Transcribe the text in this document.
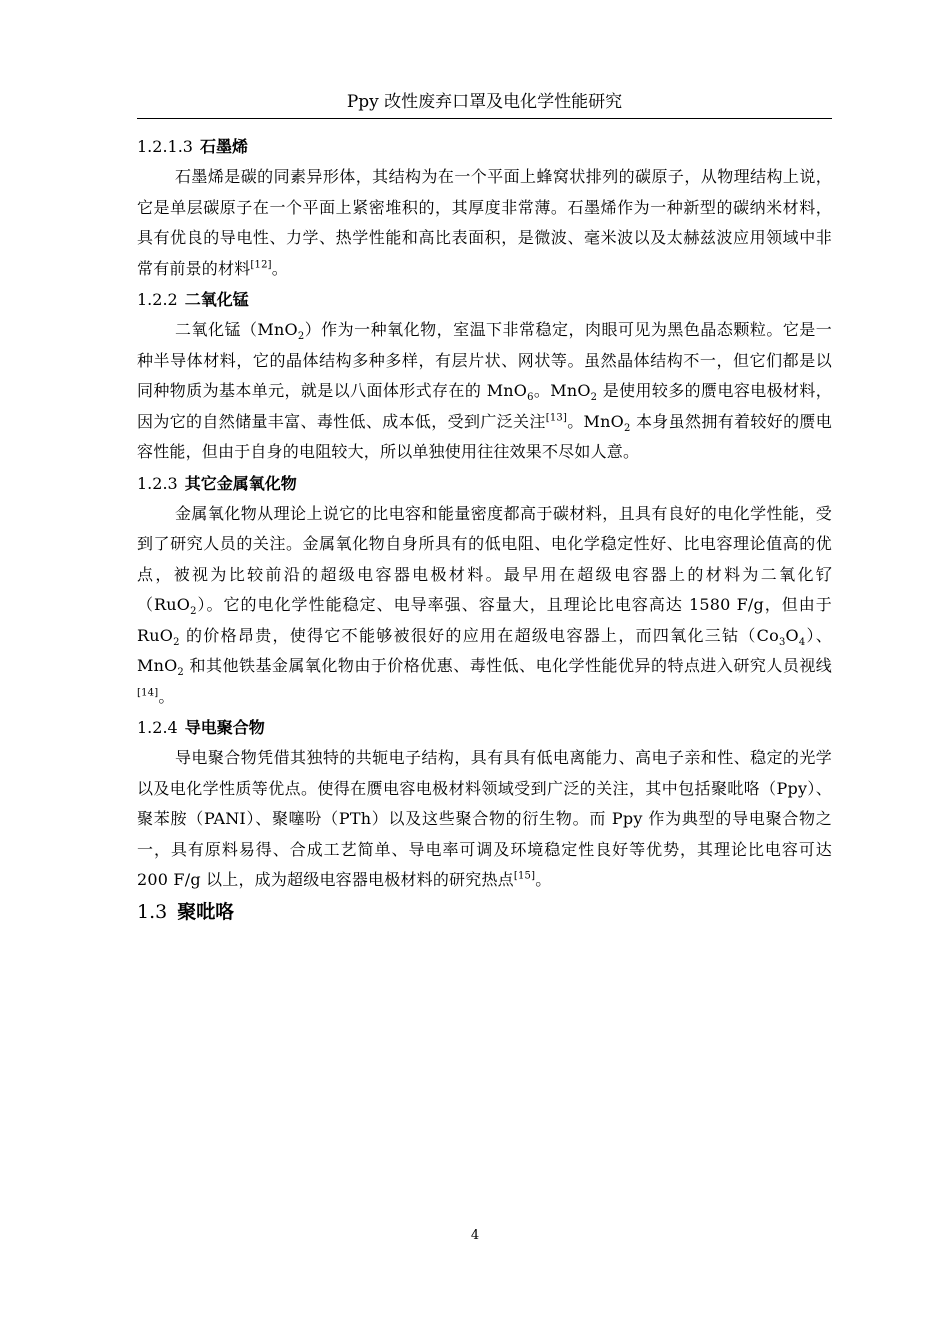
Ppy 改性废弃口罩及电化学性能研究
1.2.1.3 石墨烯

石墨烯是碳的同素异形体，其结构为在一个平面上蜂窝状排列的碳原子，从物理结构上说，它是单层碳原子在一个平面上紧密堆积的，其厚度非常薄。石墨烯作为一种新型的碳纳米材料，具有优良的导电性、力学、热学性能和高比表面积，是微波、毫米波以及太赫兹波应用领域中非常有前景的材料[12]。

1.2.2 二氧化锰

二氧化锰（MnO$_2$）作为一种氧化物，室温下非常稳定，肉眼可见为黑色晶态颗粒。它是一种半导体材料，它的晶体结构多种多样，有层片状、网状等。虽然晶体结构不一，但它们都是以同种物质为基本单元，就是以八面体形式存在的 MnO$_6$。MnO$_2$ 是使用较多的赝电容电极材料，因为它的自然储量丰富、毒性低、成本低，受到广泛关注[13]。MnO$_2$ 本身虽然拥有着较好的赝电容性能，但由于自身的电阻较大，所以单独使用往往效果不尽如人意。

1.2.3 其它金属氧化物

金属氧化物从理论上说它的比电容和能量密度都高于碳材料，且具有良好的电化学性能，受到了研究人员的关注。金属氧化物自身所具有的低电阻、电化学稳定性好、比电容理论值高的优点，被视为比较前沿的超级电容器电极材料。最早用在超级电容器上的材料为二氧化钌（RuO$_2$）。它的电化学性能稳定、电导率强、容量大，且理论比电容高达 1580 F/g，但由于 RuO$_2$ 的价格昂贵，使得它不能够被很好的应用在超级电容器上，而四氧化三钴$(Co_3O_4)$、MnO$_2$ 和其他铁基金属氧化物由于价格优惠、毒性低、电化学性能优异的特点进入研究人员视线[14]。

1.2.4 导电聚合物

导电聚合物凭借其独特的共轭电子结构，具有具有低电离能力、高电子亲和性、稳定的光学以及电化学性质等优点。使得在赝电容电极材料领域受到广泛的关注，其中包括聚吡咯（Ppy）、聚苯胺（PANI）、聚噻吩（PTh）以及这些聚合物的衍生物。而 Ppy 作为典型的导电聚合物之一，具有原料易得、合成工艺简单、导电率可调及环境稳定性良好等优势，其理论比电容可达 200 F/g 以上，成为超级电容器电极材料的研究热点[15]。

1.3 聚吡咯
4
